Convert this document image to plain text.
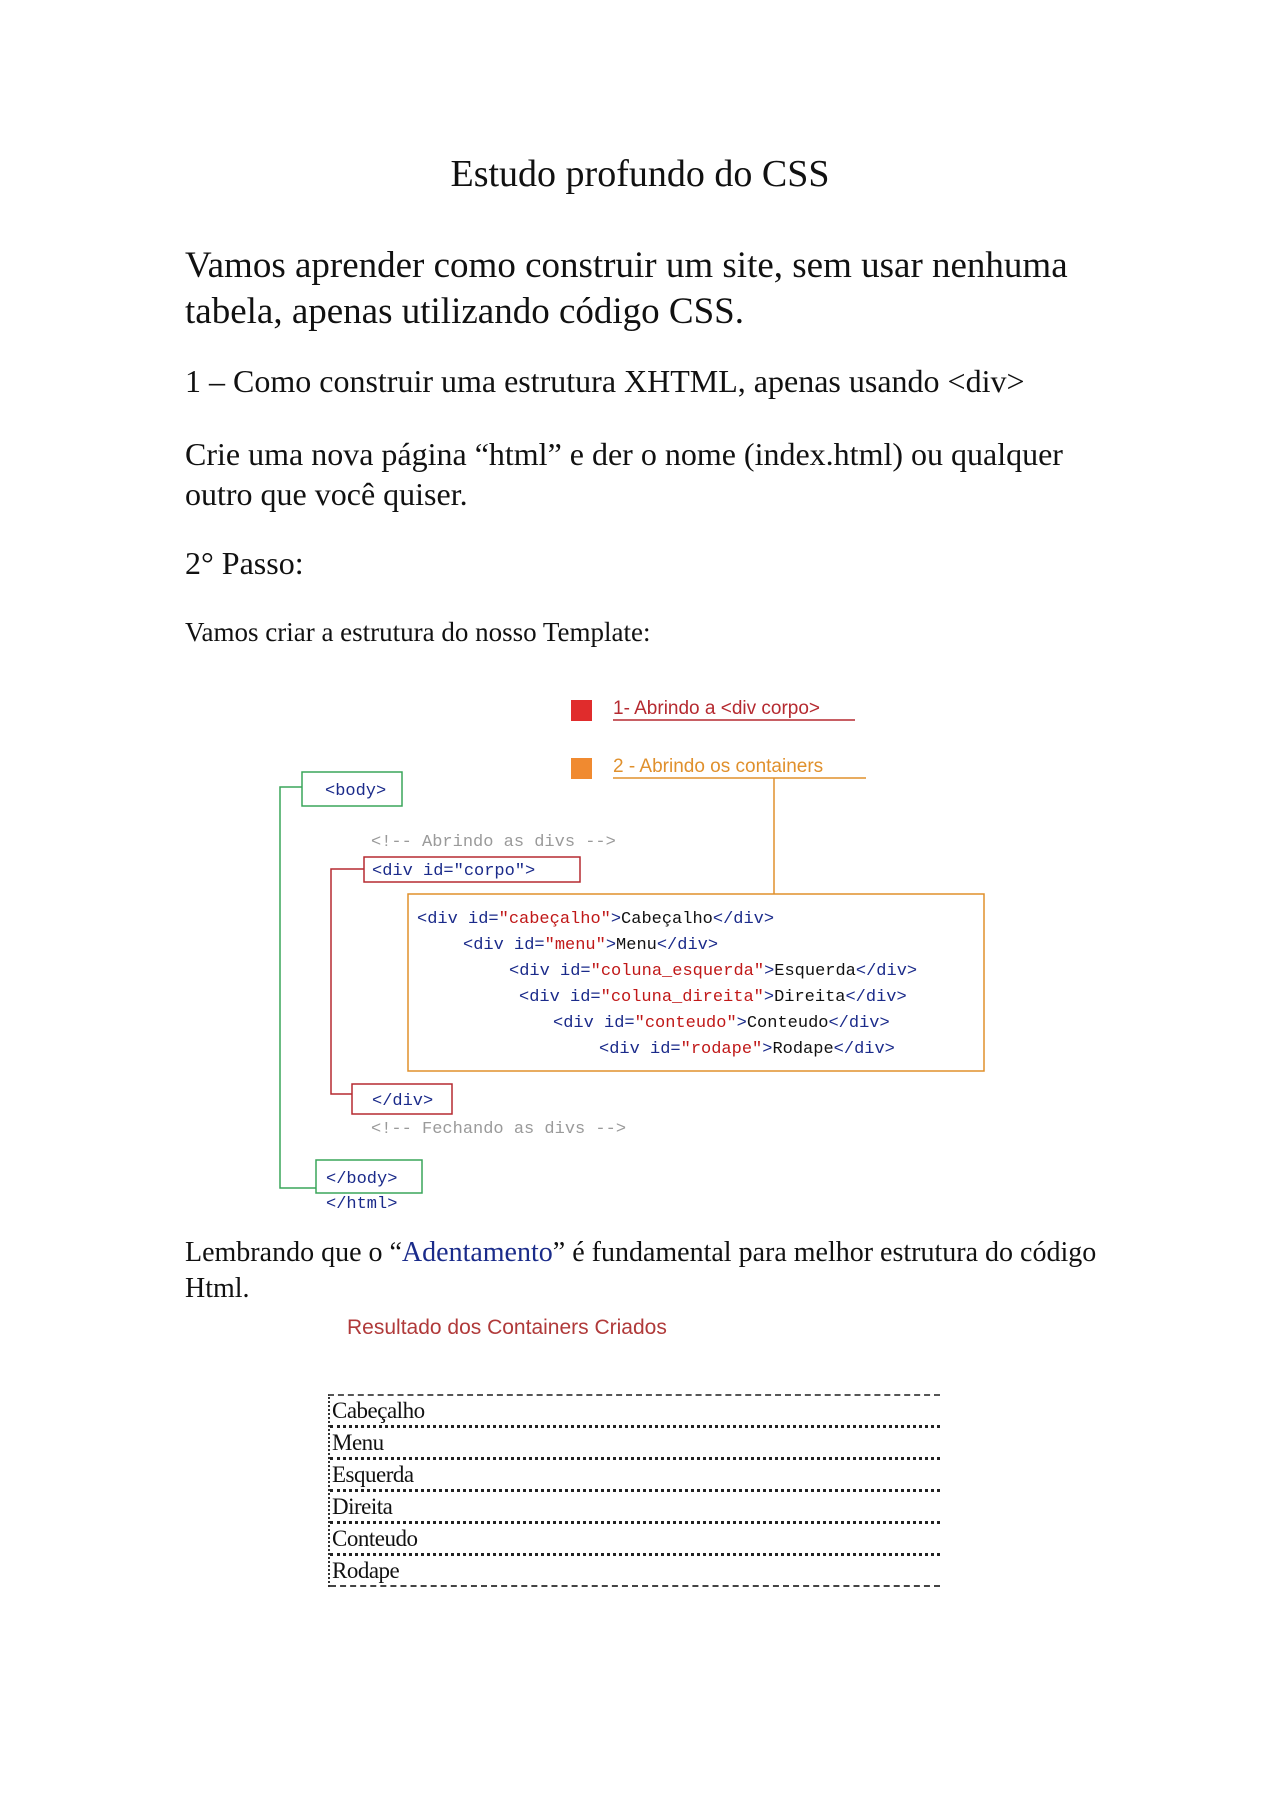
Estudo profundo do CSS
Vamos aprender como construir um site, sem usar nenhuma tabela, apenas utilizando código CSS.
1 – Como construir uma estrutura XHTML, apenas usando <div>
Crie uma nova página “html” e der o nome (index.html) ou qualquer outro que você quiser.
2° Passo:
Vamos criar a estrutura do nosso Template:
1- Abrindo a <div corpo>
2 - Abrindo os containers
<body>
<!-- Abrindo as divs -->
<div id="corpo">
<div id="cabeçalho">Cabeçalho</div>
<div id="menu">Menu</div>
<div id="coluna_esquerda">Esquerda</div>
<div id="coluna_direita">Direita</div>
<div id="conteudo">Conteudo</div>
<div id="rodape">Rodape</div>
</div>
<!-- Fechando as divs -->
</body>
</html>
Lembrando que o “Adentamento” é fundamental para melhor estrutura do código Html.
Resultado dos Containers Criados
Cabeçalho
Menu
Esquerda
Direita
Conteudo
Rodape
